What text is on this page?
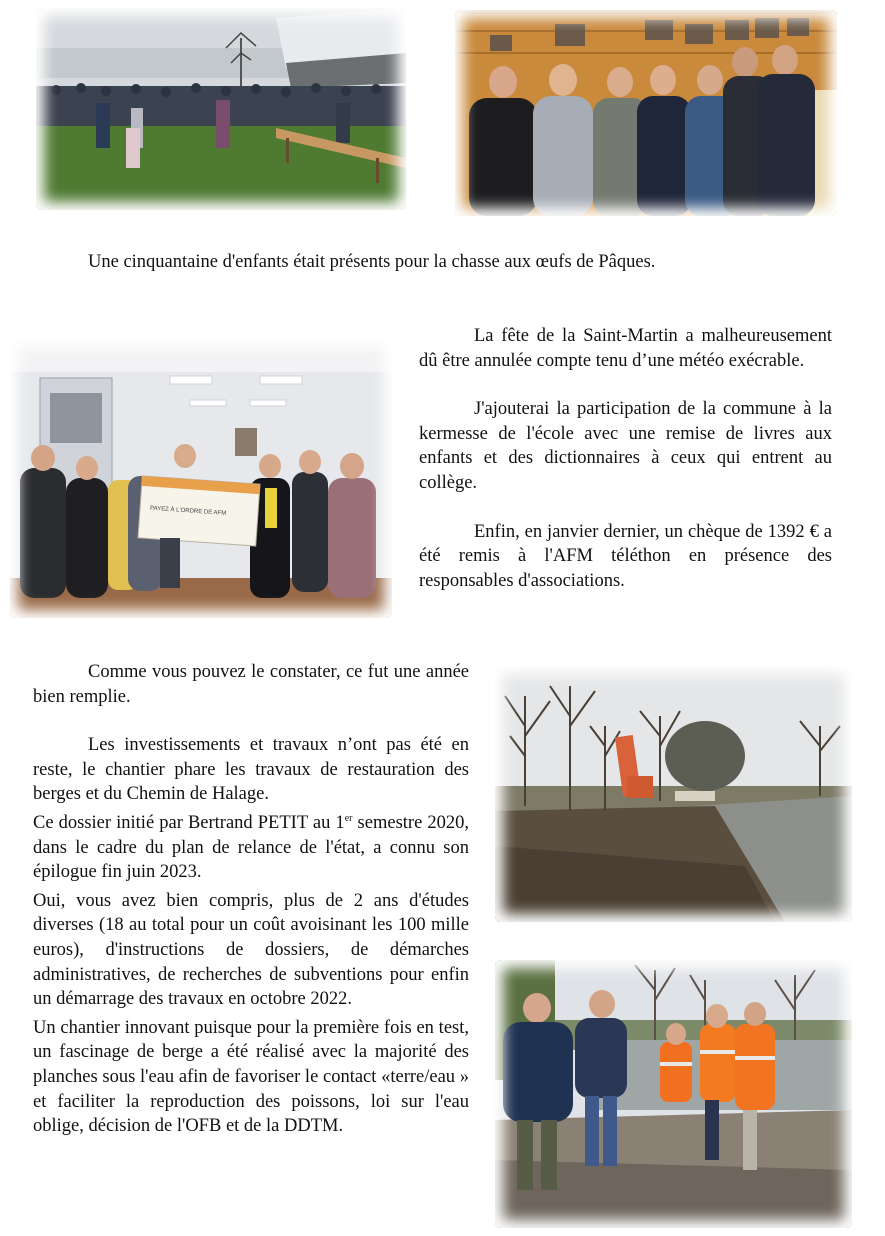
Une cinquantaine d'enfants était présents pour la chasse aux œufs de Pâques.
PAYEZ À L'ORDRE DE AFM

La fête de la Saint-Martin a malheureusement dû être annulée compte tenu d’une météo exécrable.

J'ajouterai la participation de la commune à la kermesse de l'école avec une remise de livres aux enfants et des dictionnaires à ceux qui entrent au collège.

Enfin, en janvier dernier, un chèque de 1392 € a été remis à l'AFM téléthon en présence des responsables d'associations.

Comme vous pouvez le constater, ce fut une année bien remplie.

Les investissements et travaux n’ont pas été en reste, le chantier phare les travaux de restauration des berges et du Chemin de Halage.

Ce dossier initié par Bertrand PETIT au 1er semestre 2020, dans le cadre du plan de relance de l'état, a connu son épilogue fin juin 2023.

Oui, vous avez bien compris, plus de 2 ans d'études diverses (18 au total pour un coût avoisinant les 100 mille euros), d'instructions de dossiers, de démarches administratives, de recherches de subventions pour enfin un démarrage des travaux en octobre 2022.

Un chantier innovant puisque pour la première fois en test, un fascinage de berge a été réalisé avec la majorité des planches sous l'eau afin de favoriser le contact «terre/eau » et faciliter la reproduction des poissons, loi sur l'eau oblige, décision de l'OFB et de la DDTM.
